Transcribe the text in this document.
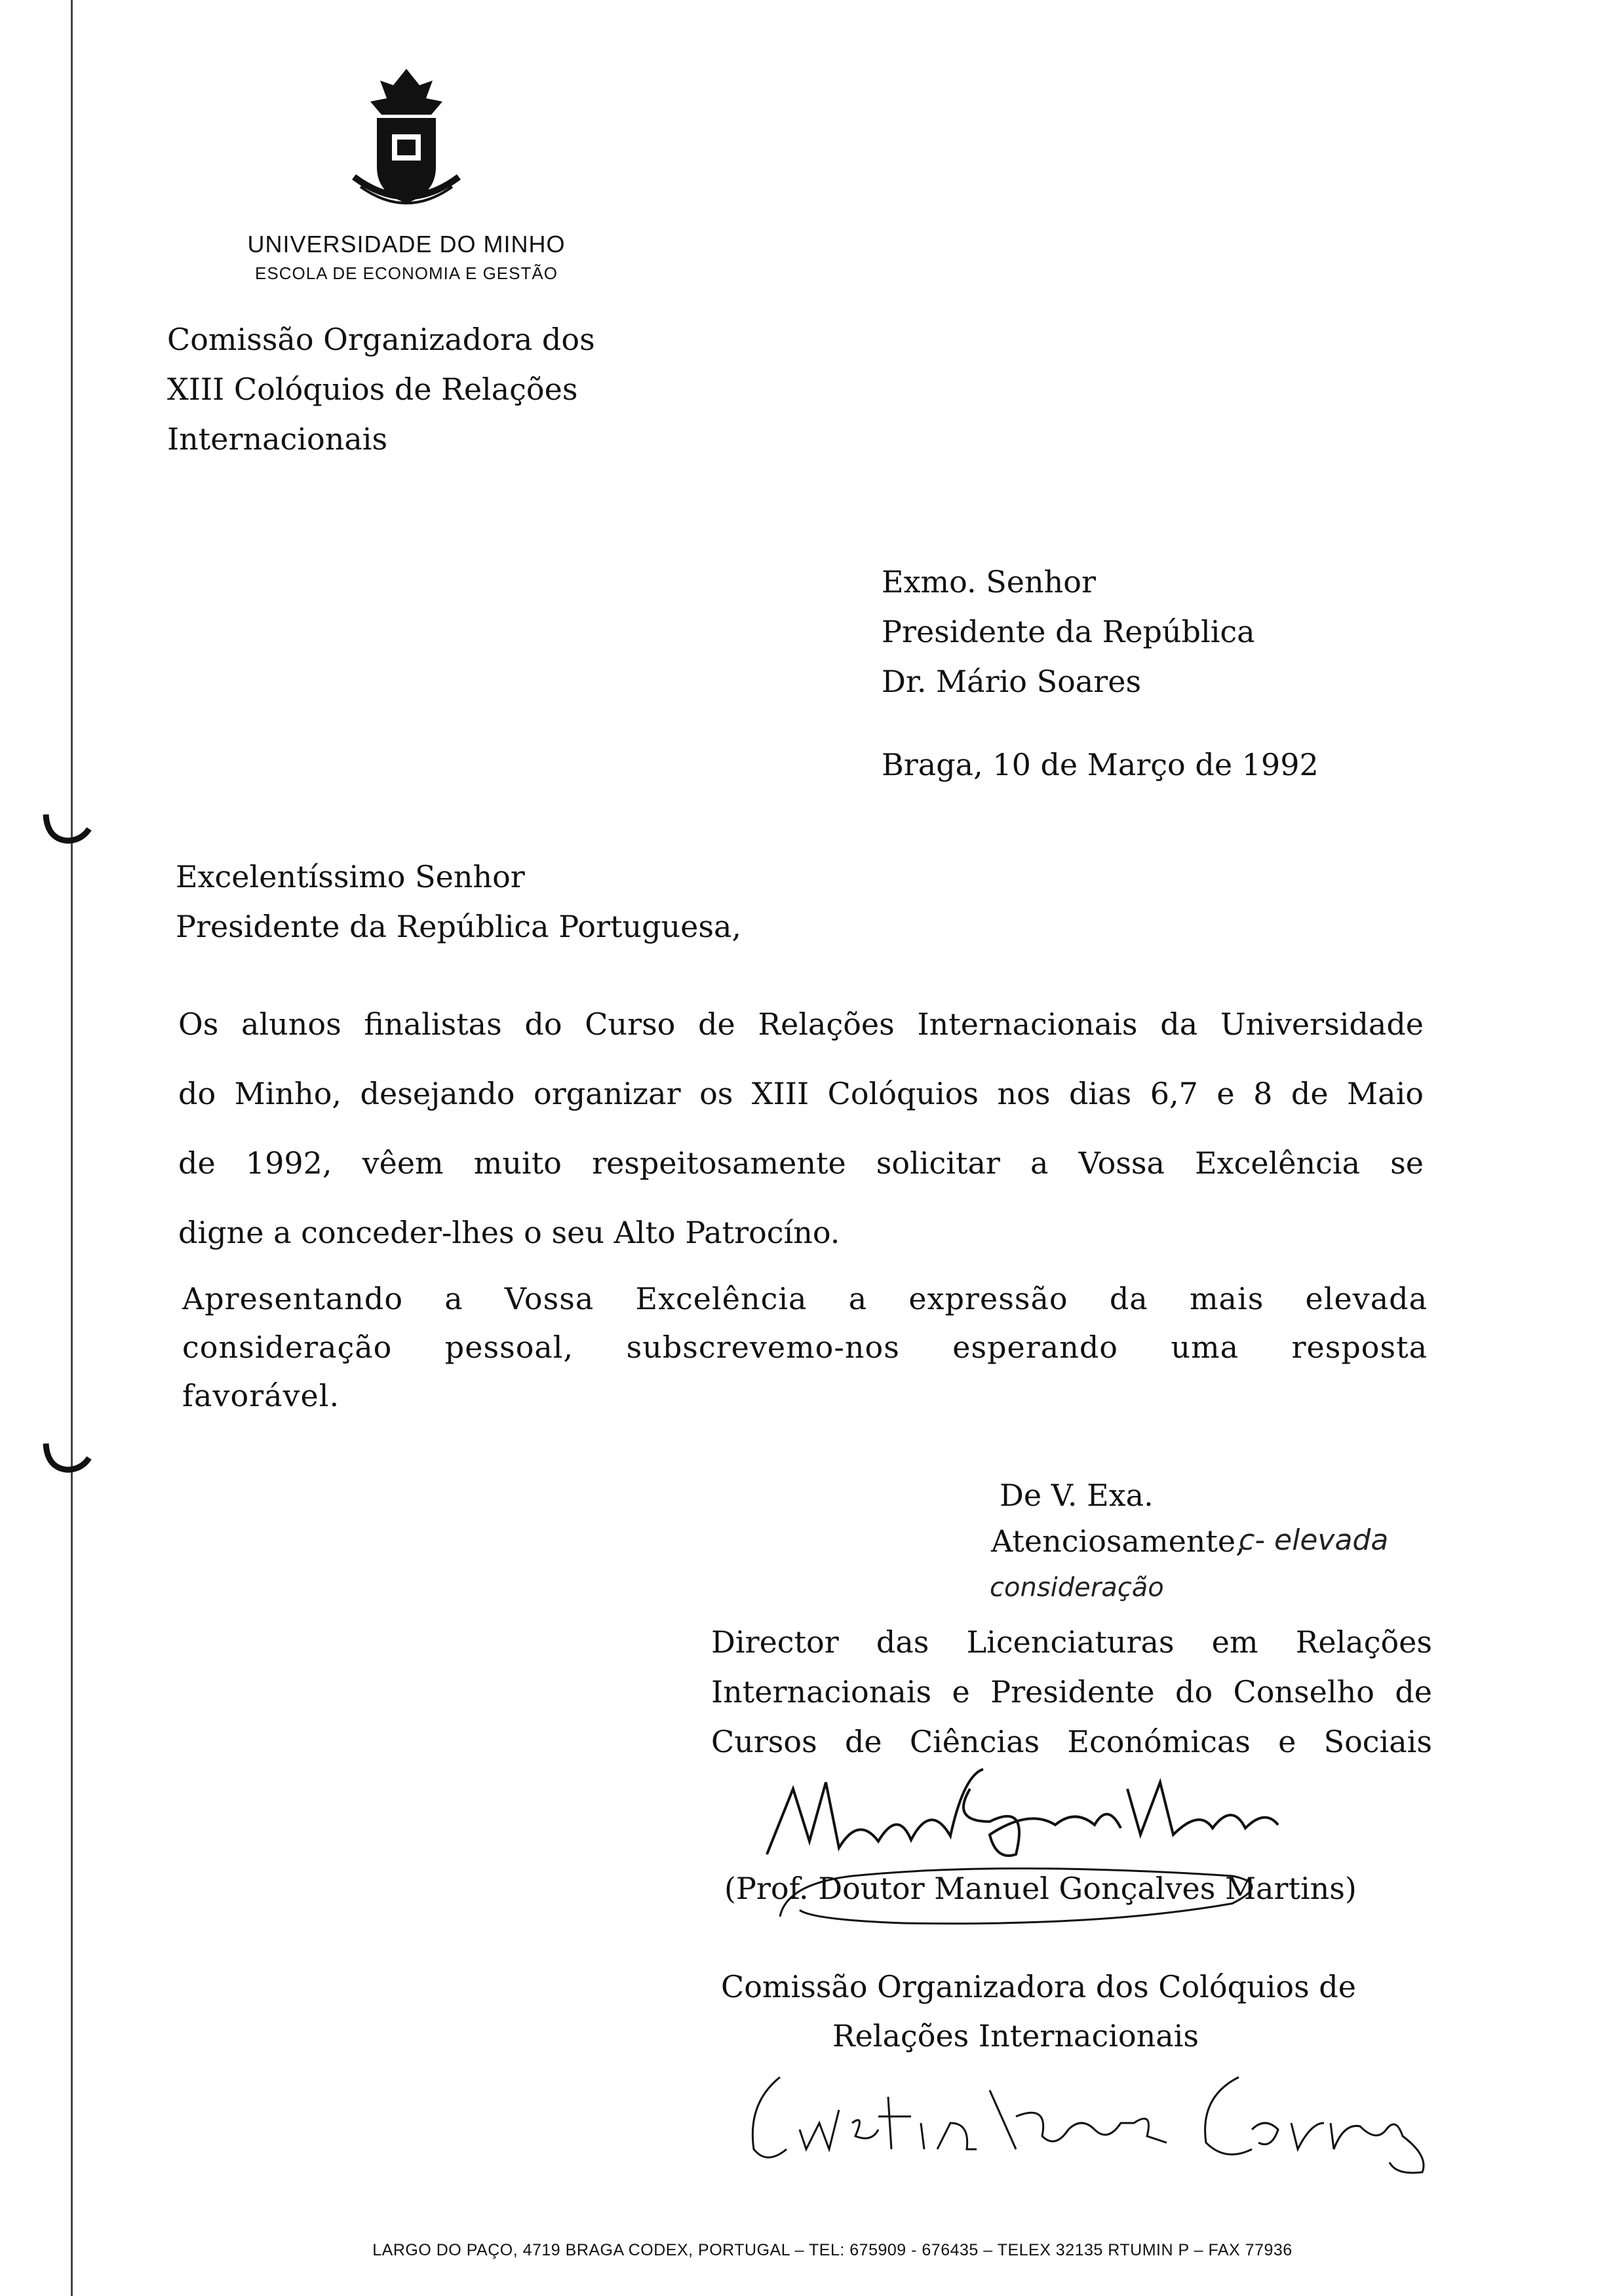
UNIVERSIDADE DO MINHO
ESCOLA DE ECONOMIA E GESTÃO
Comissão Organizadora dos
XIII Colóquios de Relações
Internacionais
Exmo. Senhor
Presidente da República
Dr. Mário Soares
Braga, 10 de Março de 1992
Excelentíssimo Senhor
Presidente da República Portuguesa,
Os alunos finalistas do Curso de Relações Internacionais da Universidade
do Minho, desejando organizar os XIII Colóquios nos dias 6,7 e 8 de Maio
de 1992, vêem muito respeitosamente solicitar a Vossa Excelência se
digne a conceder-lhes o seu Alto Patrocíno.
Apresentando a Vossa Excelência a expressão da mais elevada
consideração pessoal, subscrevemo-nos esperando uma resposta
favorável.
De V. Exa.
Atenciosamente,
c- elevada
consideração
Director das Licenciaturas em Relações
Internacionais e Presidente do Conselho de
Cursos de Ciências Económicas e Sociais
(Prof. Doutor Manuel Gonçalves Martins)
Comissão Organizadora dos Colóquios de
Relações Internacionais
LARGO DO PAÇO, 4719 BRAGA CODEX, PORTUGAL – TEL: 675909 - 676435 – TELEX 32135 RTUMIN P – FAX 77936
